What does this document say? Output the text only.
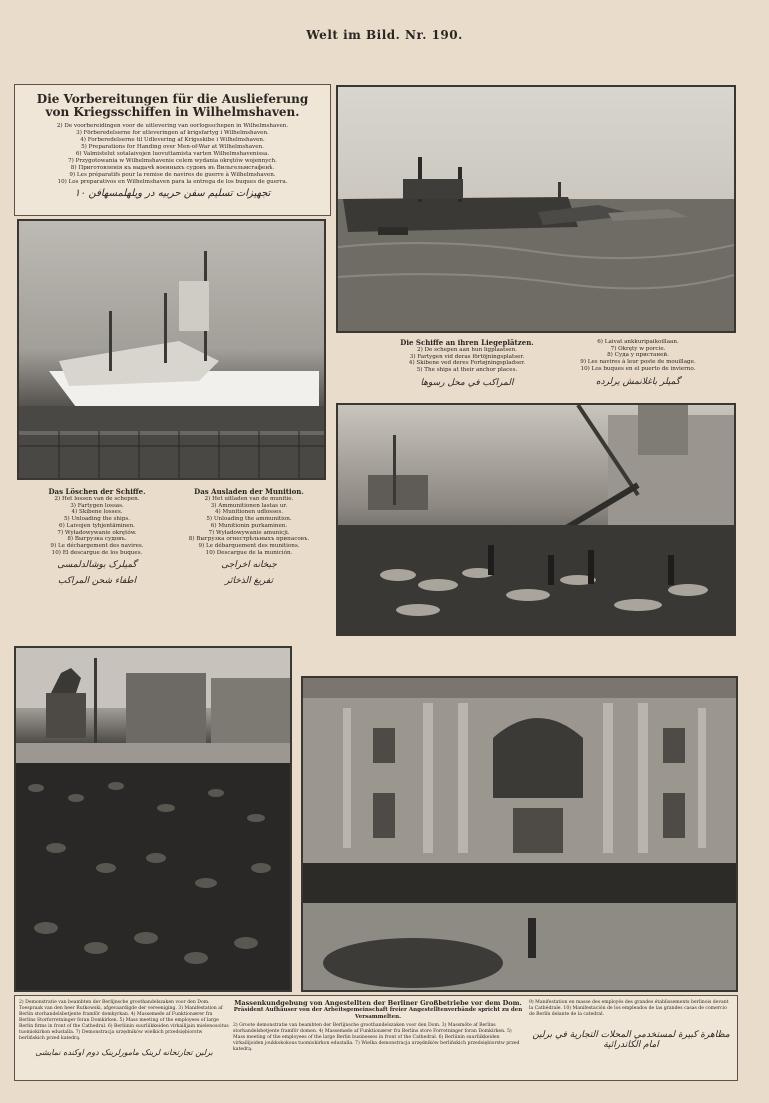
Welt im Bild. Nr. 190.
Die Vorbereitungen für die Auslieferung von Kriegsschiffen in Wilhelmshaven.
2) De voorbereidingen voor de uitlevering van oorlogsschepen in Wilhelmshaven.
3) Förberedelserne for utleveringen af krigsfartyg i Wilhelmshaven.
4) Forberedelserne til Udlevering af Krigsskibe i Wilhelmshaven.
5) Preparations for Handing over Men-of-War at Wilhelmshaven.
6) Valmistelut sotalaivojen luovuttamista varten Wilhelmshavenissa.
7) Przygotowania w Wilhelmshavenie celem wydania okrętów wojennych.
8) Приготовленія къ выдачѣ военныхъ судовъ въ Вильгельмсгафенѣ.
9) Les préparatifs pour la remise de navires de guerre à Wilhelmshaven.
10) Los preparativos en Wilhelmshaven para la entrega de los buques de guerra.
۱۰ تجهیزات تسلیم سفن حربیه در ویلهلمسهافن
Die Schiffe an ihren Liegeplätzen.
2) De schepen aan hun ligplaatsen.
3) Fartygen vid deras förtöjningsplatser.
4) Skibene ved deres Fortøjningspladser.
5) The ships at their anchor places.
المراکب في محل رسوها
6) Laivat ankkuripaikoillaan.
7) Okręty w porcie.
8) Суда у пристаней.
9) Les navires à leur poste de mouillage.
10) Los buques en el puerto de invierno.
گمیلر باغلانمش یرلرده
Das Löschen der Schiffe.
2) Het lossen van de schepen.
3) Fartygen lossas.
4) Skibene losses.
5) Unloading the ships.
6) Laivojen tyhjentäminen.
7) Wyładowywanie okrętów.
8) Выгрузка судовъ.
9) Le déchargement des navires.
10) El descargue de los buques.
گمیلرک بوشالدلمسی
اطفاء شحن المراکب
Das Ausladen der Munition.
2) Het uitladen van de munitie.
3) Ammunitionen lastas ur.
4) Munitionen udlosses.
5) Unloading the ammunition.
6) Munitionin purkaminen.
7) Wyładowywanie amunicji.
8) Выгрузка огнестрѣльныхъ припасовъ.
9) Le débarquement des munitions.
10) Descargue de la munición.
جبخانه اخراجی
تفریغ الذخائر
2) Demonstratie van beambten der Berlijnsche groothandelszaken voor den Dom. Toespraak van den heer Rutkowski, afgevaardigde der vereeniging. 3) Manifestation af Berlin storhandelsbetjente framför domkyrkan. 4) Massemøde af Funktionærer fra Berlins Storforretninger foran Domkirken. 5) Mass meeting of the employees of large Berlin firms in front of the Cathedral. 6) Berliinin suurliikkeiden virkailijain mielenosoitus tuomiokirkon edustalla. 7) Demonstracja urzędników wielkich przedsiębiorstw berlińskich przed katedrą.
برلین تجارتخانه لرینک مامورلرینک دوم اوکنده نمایشی
Massenkundgebung von Angestellten der Berliner Großbetriebe vor dem Dom.
Präsident Aufhäuser von der Arbeitsgemeinschaft freier Angestelltenverbände spricht zu den Versammelten.
2) Groote demonstratie van beambten der Berlijnsche groothandelszaken voor den Dom. 3) Massmöte af Berlins storhandelsbetjente framför domen. 4) Massemøde af Funktionærer fra Berlins store Forretninger foran Domkirken. 5) Mass meeting of the employees of the large Berlin businesses in front of the Cathedral. 6) Berliinin suurliikkeiden virkailijoiden joukkokokous tuomiokirkon edustalla. 7) Wielka demonstracja urzędników berlińskich przedsiębiorstw przed katedrą.
9) Manifestation en masse des employés des grandes établissements berlinois devant la Cathédrale. 10) Manifestación de los empleados de las grandes casas de comercio de Berlín delante de la catedral.
مظاهرة كبيرة لمستخدمي المحلات التجارية في برلين امام الكاتدرائية
